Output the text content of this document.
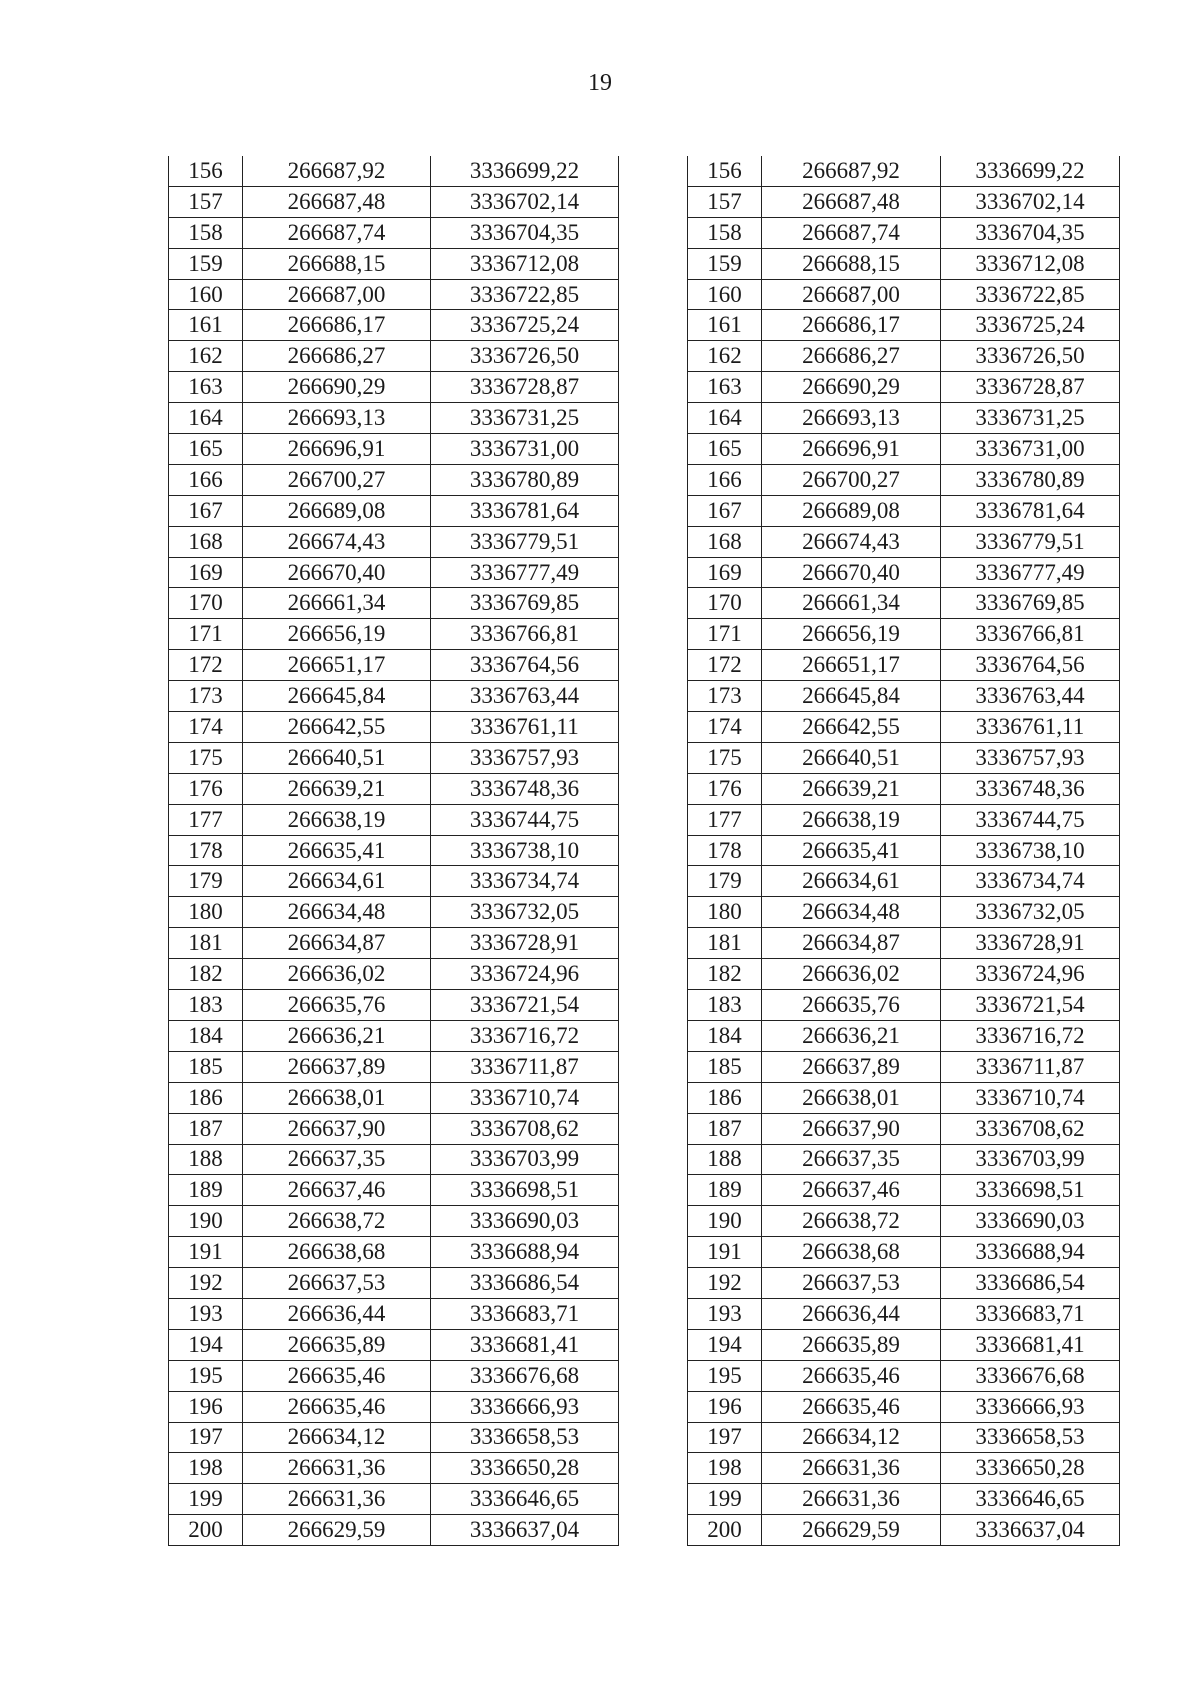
19
156	266687,92	3336699,22
157	266687,48	3336702,14
158	266687,74	3336704,35
159	266688,15	3336712,08
160	266687,00	3336722,85
161	266686,17	3336725,24
162	266686,27	3336726,50
163	266690,29	3336728,87
164	266693,13	3336731,25
165	266696,91	3336731,00
166	266700,27	3336780,89
167	266689,08	3336781,64
168	266674,43	3336779,51
169	266670,40	3336777,49
170	266661,34	3336769,85
171	266656,19	3336766,81
172	266651,17	3336764,56
173	266645,84	3336763,44
174	266642,55	3336761,11
175	266640,51	3336757,93
176	266639,21	3336748,36
177	266638,19	3336744,75
178	266635,41	3336738,10
179	266634,61	3336734,74
180	266634,48	3336732,05
181	266634,87	3336728,91
182	266636,02	3336724,96
183	266635,76	3336721,54
184	266636,21	3336716,72
185	266637,89	3336711,87
186	266638,01	3336710,74
187	266637,90	3336708,62
188	266637,35	3336703,99
189	266637,46	3336698,51
190	266638,72	3336690,03
191	266638,68	3336688,94
192	266637,53	3336686,54
193	266636,44	3336683,71
194	266635,89	3336681,41
195	266635,46	3336676,68
196	266635,46	3336666,93
197	266634,12	3336658,53
198	266631,36	3336650,28
199	266631,36	3336646,65
200	266629,59	3336637,04
156	266687,92	3336699,22
157	266687,48	3336702,14
158	266687,74	3336704,35
159	266688,15	3336712,08
160	266687,00	3336722,85
161	266686,17	3336725,24
162	266686,27	3336726,50
163	266690,29	3336728,87
164	266693,13	3336731,25
165	266696,91	3336731,00
166	266700,27	3336780,89
167	266689,08	3336781,64
168	266674,43	3336779,51
169	266670,40	3336777,49
170	266661,34	3336769,85
171	266656,19	3336766,81
172	266651,17	3336764,56
173	266645,84	3336763,44
174	266642,55	3336761,11
175	266640,51	3336757,93
176	266639,21	3336748,36
177	266638,19	3336744,75
178	266635,41	3336738,10
179	266634,61	3336734,74
180	266634,48	3336732,05
181	266634,87	3336728,91
182	266636,02	3336724,96
183	266635,76	3336721,54
184	266636,21	3336716,72
185	266637,89	3336711,87
186	266638,01	3336710,74
187	266637,90	3336708,62
188	266637,35	3336703,99
189	266637,46	3336698,51
190	266638,72	3336690,03
191	266638,68	3336688,94
192	266637,53	3336686,54
193	266636,44	3336683,71
194	266635,89	3336681,41
195	266635,46	3336676,68
196	266635,46	3336666,93
197	266634,12	3336658,53
198	266631,36	3336650,28
199	266631,36	3336646,65
200	266629,59	3336637,04
